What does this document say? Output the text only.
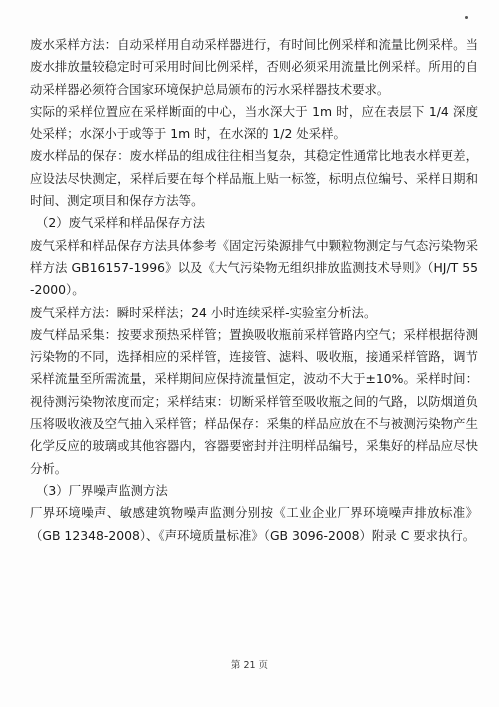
废水采样方法：自动采样用自动采样器进行，有时间比例采样和流量比例采样。当废水排放量较稳定时可采用时间比例采样，否则必须采用流量比例采样。所用的自动采样器必须符合国家环境保护总局颁布的污水采样器技术要求。

实际的采样位置应在采样断面的中心，当水深大于 1m 时，应在表层下 1/4 深度处采样；水深小于或等于 1m 时，在水深的 1/2 处采样。

废水样品的保存：废水样品的组成往往相当复杂，其稳定性通常比地表水样更差，应设法尽快测定，采样后要在每个样品瓶上贴一标签，标明点位编号、采样日期和时间、测定项目和保存方法等。

（2）废气采样和样品保存方法

废气采样和样品保存方法具体参考《固定污染源排气中颗粒物测定与气态污染物采样方法 GB16157-1996》以及《大气污染物无组织排放监测技术导则》（HJ/T 55-2000）。

废气采样方法：瞬时采样法；24 小时连续采样-实验室分析法。

废气样品采集：按要求预热采样管；置换吸收瓶前采样管路内空气；采样根据待测污染物的不同，选择相应的采样管，连接管、滤料、吸收瓶，接通采样管路，调节采样流量至所需流量，采样期间应保持流量恒定，波动不大于±10%。采样时间：视待测污染物浓度而定；采样结束：切断采样管至吸收瓶之间的气路，以防烟道负压将吸收液及空气抽入采样管；样品保存：采集的样品应放在不与被测污染物产生化学反应的玻璃或其他容器内，容器要密封并注明样品编号，采集好的样品应尽快分析。

（3）厂界噪声监测方法

厂界环境噪声、敏感建筑物噪声监测分别按《工业企业厂界环境噪声排放标准》（GB 12348-2008）、《声环境质量标准》（GB 3096-2008）附录 C 要求执行。

第 21 页
